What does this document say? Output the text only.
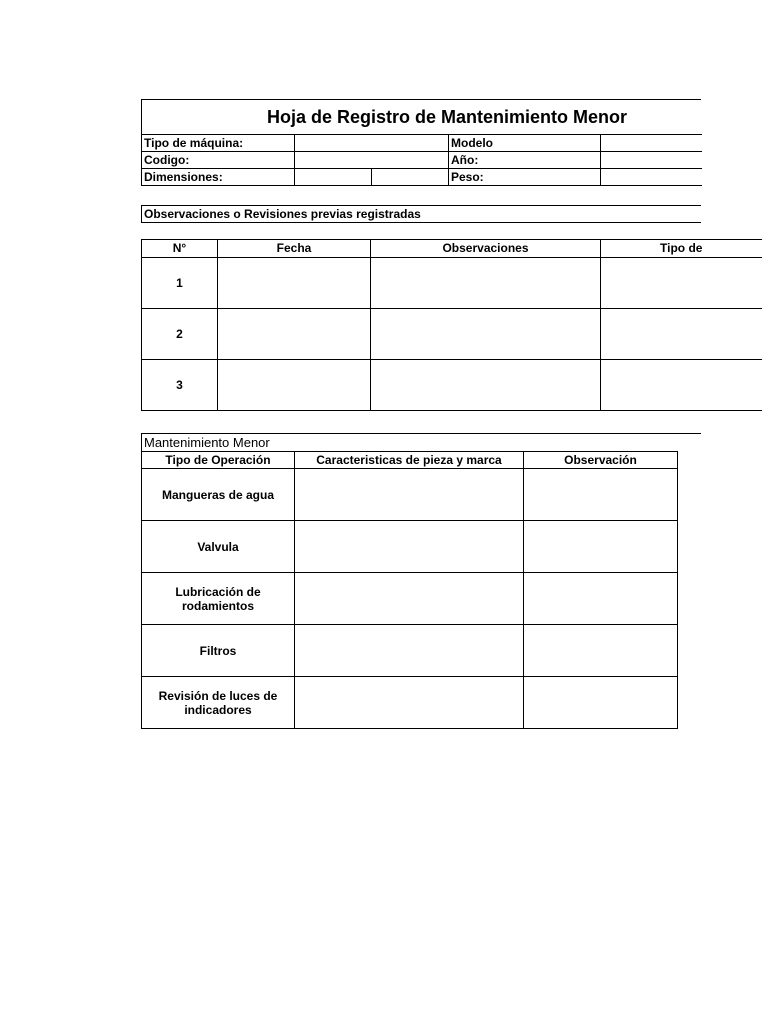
Hoja de Registro de Mantenimiento Menor
Tipo de máquina:			Modelo	
Codigo:			Año:	
Dimensiones:			Peso:	
Observaciones o Revisiones previas registradas
N°	Fecha	Observaciones	Tipo de
1			
2			
3			
Mantenimiento Menor
Tipo de Operación	Caracteristicas de pieza y marca	Observación
Mangueras de agua		
Valvula		
Lubricación de rodamientos		
Filtros		
Revisión de luces de indicadores		
